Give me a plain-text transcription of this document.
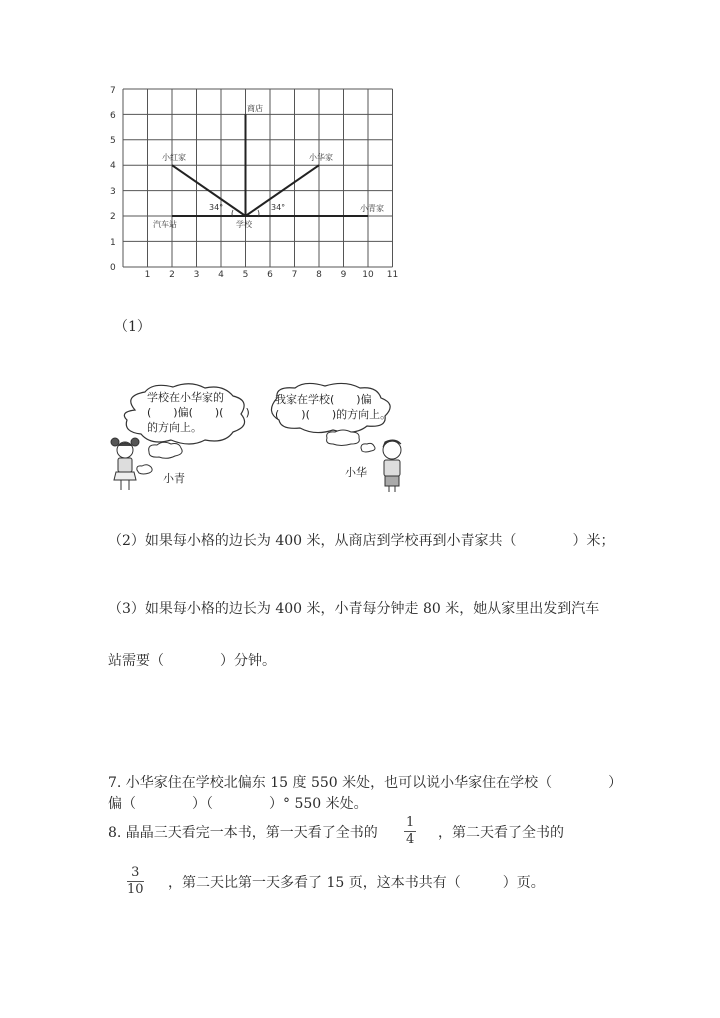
0
1
2
3
4
5
6
7
1 2 3 4 5 6 7 8 9 10 11
商店
小红家	小华家
小青家
汽车站	学校
34°	34°
（1）
学校在小华家的
(　　)偏(　　)(　　)
的方向上。
我家在学校(　　)偏
(　　)(　　)的方向上。
小青	小华
（2）如果每小格的边长为 400 米，从商店到学校再到小青家共（　　　　）米；
（3）如果每小格的边长为 400 米，小青每分钟走 80 米，她从家里出发到汽车
站需要（　　　　）分钟。
7. 小华家住在学校北偏东 15 度 550 米处，也可以说小华家住在学校（　　　　）
偏（　　　　）（　　　　）° 550 米处。
8. 晶晶三天看完一本书，第一天看了全书的 $\frac{1}{4}$ ，第二天看了全书的
$\frac{3}{10}$ ，第二天比第一天多看了 15 页，这本书共有（　　　）页。
